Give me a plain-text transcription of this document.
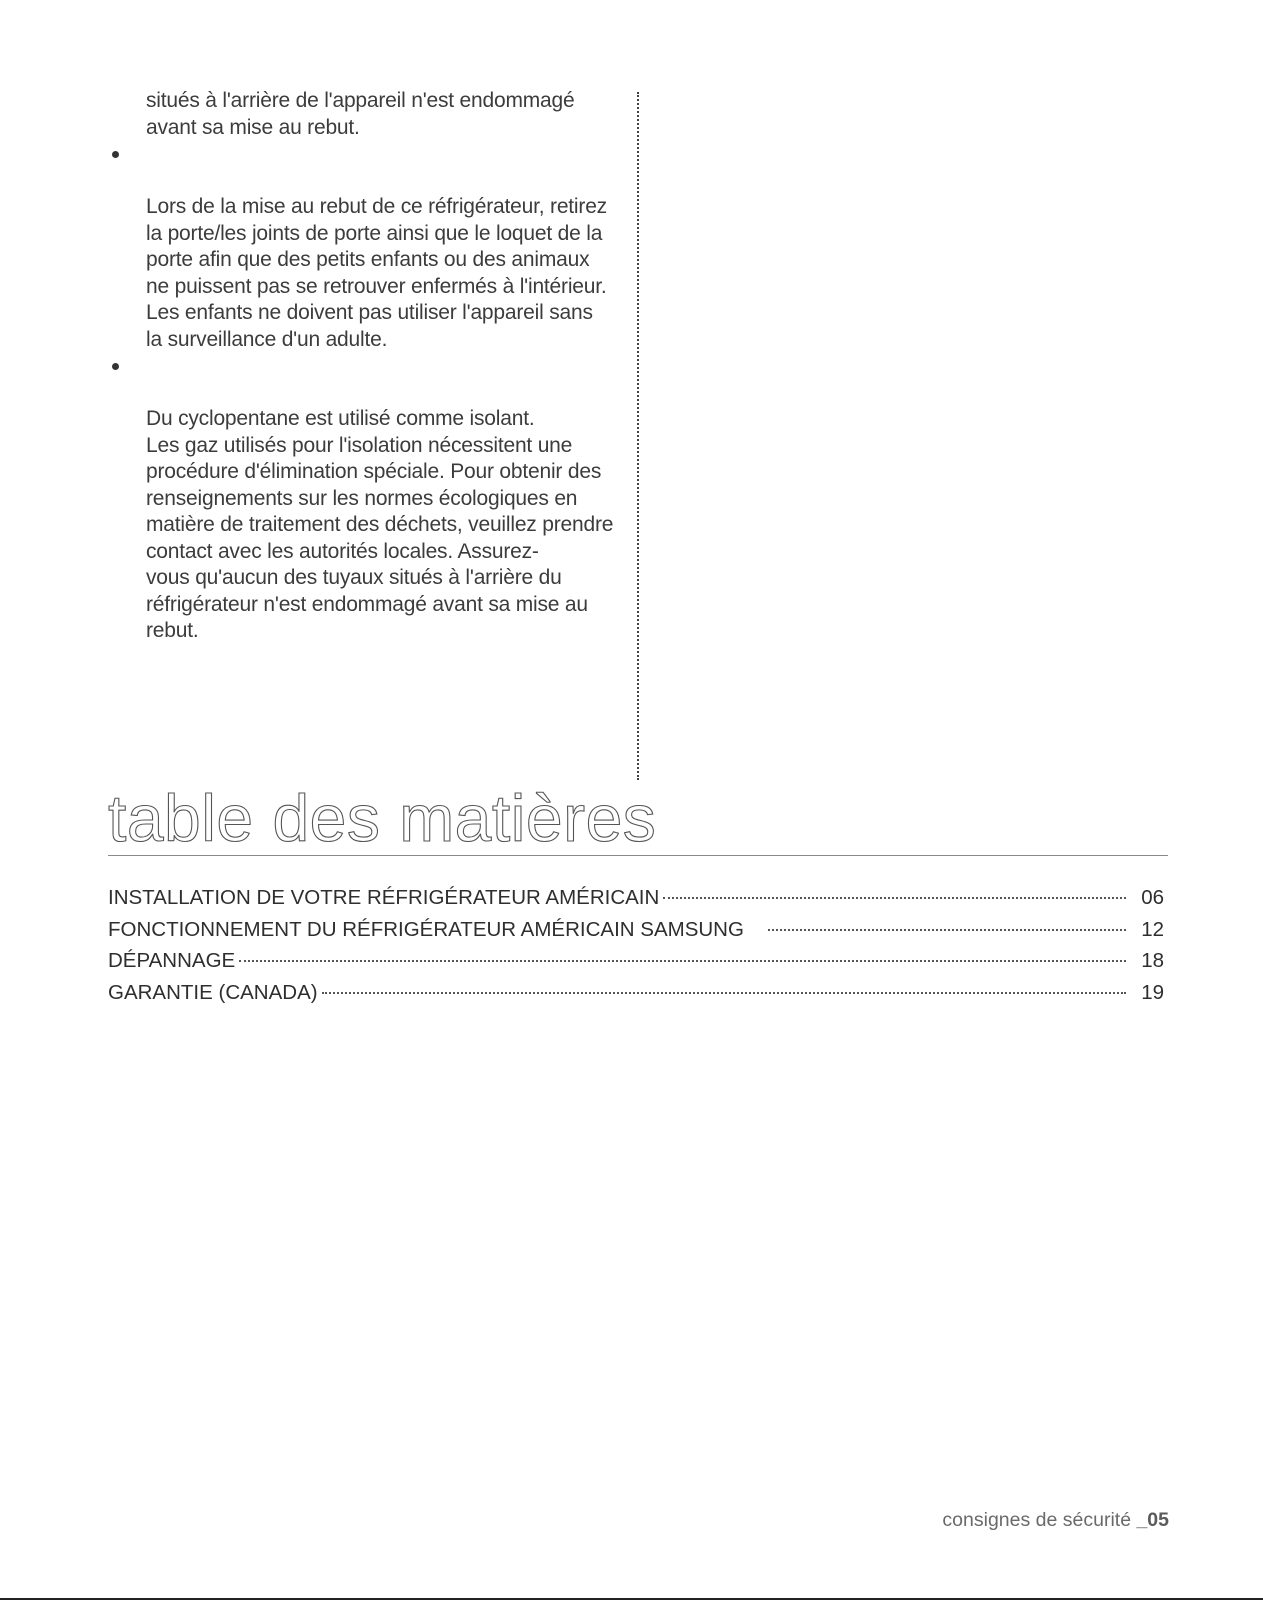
situés à l'arrière de l'appareil n'est endommagé
avant sa mise au rebut.

Lors de la mise au rebut de ce réfrigérateur, retirez
la porte/les joints de porte ainsi que le loquet de la
porte afin que des petits enfants ou des animaux
ne puissent pas se retrouver enfermés à l'intérieur.
Les enfants ne doivent pas utiliser l'appareil sans
la surveillance d'un adulte.

Du cyclopentane est utilisé comme isolant.
Les gaz utilisés pour l'isolation nécessitent une
procédure d'élimination spéciale. Pour obtenir des
renseignements sur les normes écologiques en
matière de traitement des déchets, veuillez prendre
contact avec les autorités locales. Assurez-
vous qu'aucun des tuyaux situés à l'arrière du
réfrigérateur n'est endommagé avant sa mise au
rebut.

table des matières
INSTALLATION DE VOTRE RÉFRIGÉRATEUR AMÉRICAIN	06
FONCTIONNEMENT DU RÉFRIGÉRATEUR AMÉRICAIN SAMSUNG	12
DÉPANNAGE	18
GARANTIE (CANADA)	19
consignes de sécurité _05
